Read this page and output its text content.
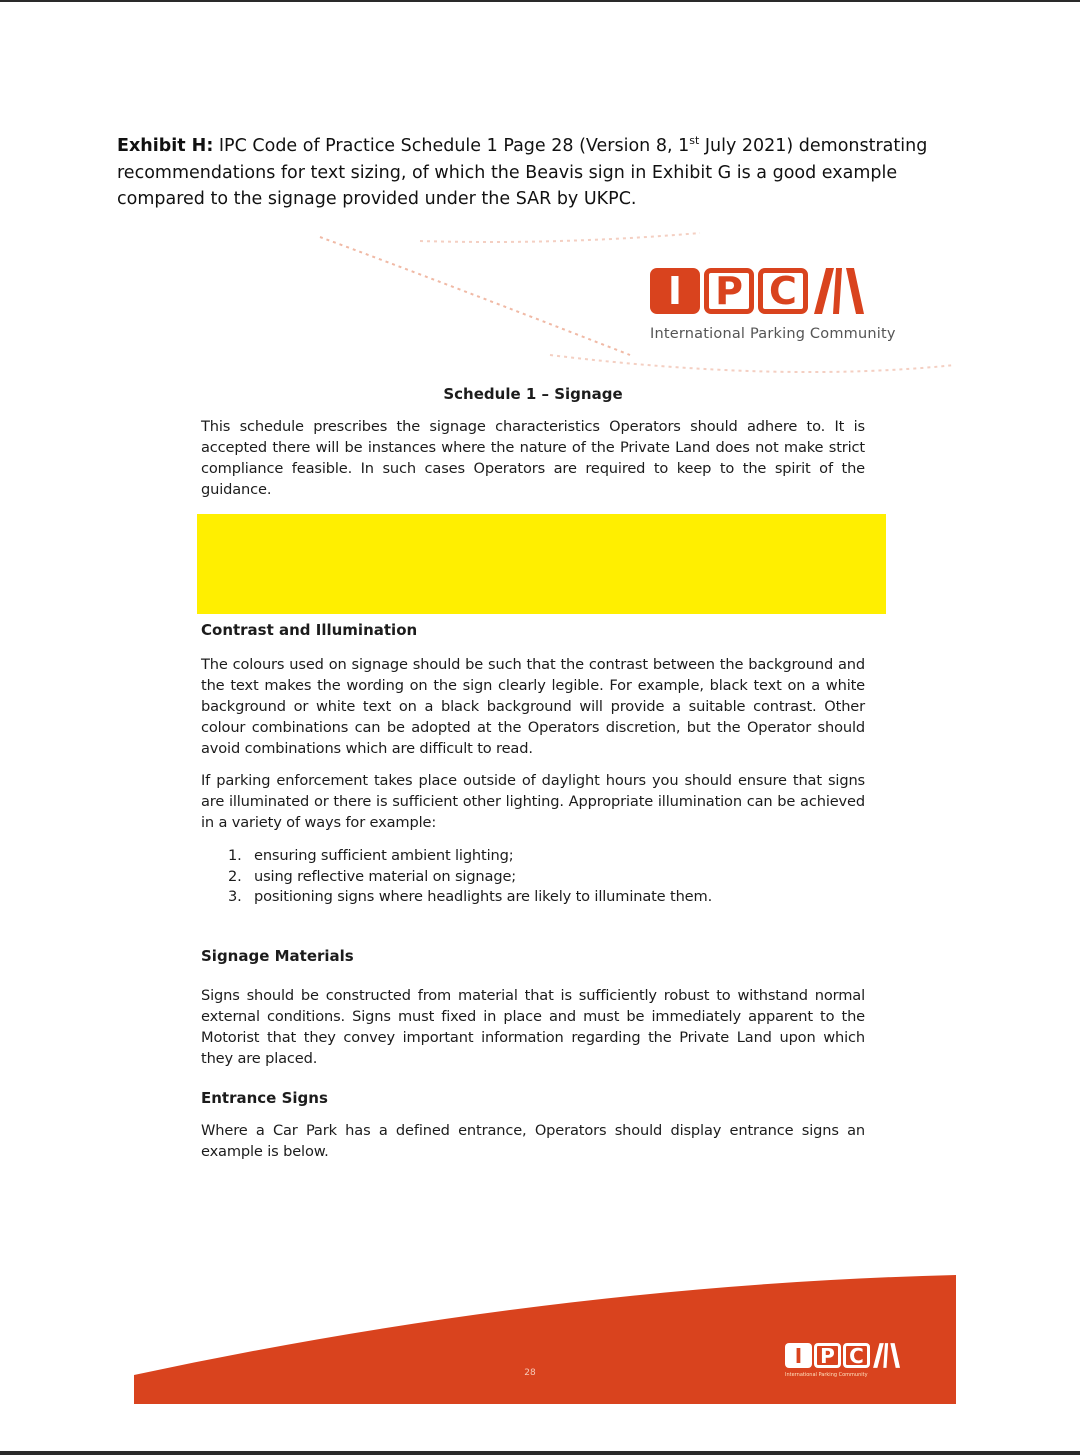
Exhibit H: IPC Code of Practice Schedule 1 Page 28 (Version 8, 1st July 2021) demonstrating recommendations for text sizing, of which the Beavis sign in Exhibit G is a good example compared to the signage provided under the SAR by UKPC.
I P C
International Parking Community
Schedule 1 – Signage
This schedule prescribes the signage characteristics Operators should adhere to. It is accepted there will be instances where the nature of the Private Land does not make strict compliance feasible. In such cases Operators are required to keep to the spirit of the guidance.
Contrast and Illumination
The colours used on signage should be such that the contrast between the background and the text makes the wording on the sign clearly legible. For example, black text on a white background or white text on a black background will provide a suitable contrast. Other colour combinations can be adopted at the Operators discretion, but the Operator should avoid combinations which are difficult to read.
If parking enforcement takes place outside of daylight hours you should ensure that signs are illuminated or there is sufficient other lighting. Appropriate illumination can be achieved in a variety of ways for example:
1. ensuring sufficient ambient lighting;
2. using reflective material on signage;
3. positioning signs where headlights are likely to illuminate them.
Signage Materials
Signs should be constructed from material that is sufficiently robust to withstand normal external conditions. Signs must fixed in place and must be immediately apparent to the Motorist that they convey important information regarding the Private Land upon which they are placed.
Entrance Signs
Where a Car Park has a defined entrance, Operators should display entrance signs an example is below.
28
I P C
International Parking Community
